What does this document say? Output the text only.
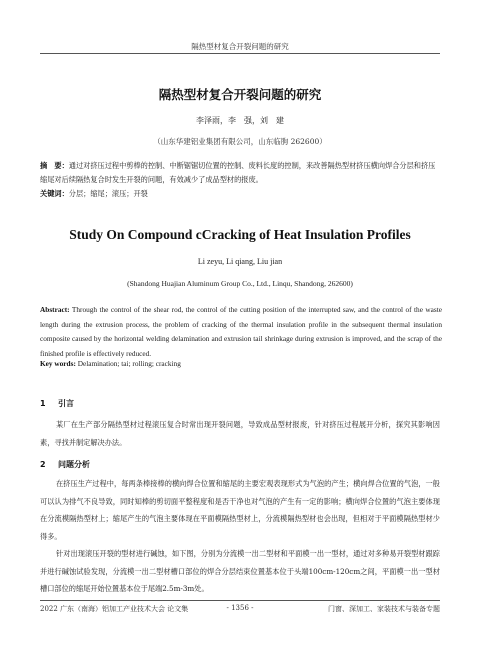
隔热型材复合开裂问题的研究
隔热型材复合开裂问题的研究
李泽雨，李　强，刘　建
（山东华建铝业集团有限公司，山东临朐 262600）
摘　要：通过对挤压过程中剪棒的控制、中断锯锯切位置的控制、废料长度的控制，来改善隔热型材挤压横向焊合分层和挤压缩尾对后续隔热复合时发生开裂的问题，有效减少了成品型材的报废。
关键词：分层；缩尾；滚压；开裂
Study On Compound cCracking of Heat Insulation Profiles
Li zeyu, Li qiang, Liu jian
(Shandong Huajian Aluminum Group Co., Ltd., Linqu, Shandong, 262600)
Abstract: Through the control of the shear rod, the control of the cutting position of the interrupted saw, and the control of the waste length during the extrusion process, the problem of cracking of the thermal insulation profile in the subsequent thermal insulation composite caused by the horizontal welding delamination and extrusion tail shrinkage during extrusion is improved, and the scrap of the finished profile is effectively reduced.
Key words: Delamination; tai; rolling; cracking
1 引言
某厂在生产部分隔热型材过程滚压复合时常出现开裂问题，导致成品型材报废，针对挤压过程展开分析，探究其影响因素，寻找并制定解决办法。
2 问题分析
在挤压生产过程中，每两条棒接棒的横向焊合位置和缩尾的主要宏观表现形式为气泡的产生；横向焊合位置的气泡，一般可以认为排气不良导致，同时知棒的剪切面平整程度和是否干净也对气泡的产生有一定的影响；横向焊合位置的气泡主要体现在分流模隔热型材上；缩尾产生的气泡主要体现在平面模隔热型材上，分流模隔热型材也会出现，但相对于平面模隔热型材少得多。
针对出现滚压开裂的型材进行碱蚀，如下图，分别为分流模一出二型材和平面模一出一型材，通过对多种易开裂型材跟踪并进行碱蚀试验发现，分流模一出二型材槽口部位的焊合分层结束位置基本位于头端100cm-120cm之间，平面模一出一型材槽口部位的缩尾开始位置基本位于尾端2.5m-3m处。
2022 广东（南海）铝加工产业技术大会 论文集	- 1356 -	门窗、深加工、家装技术与装备专题
